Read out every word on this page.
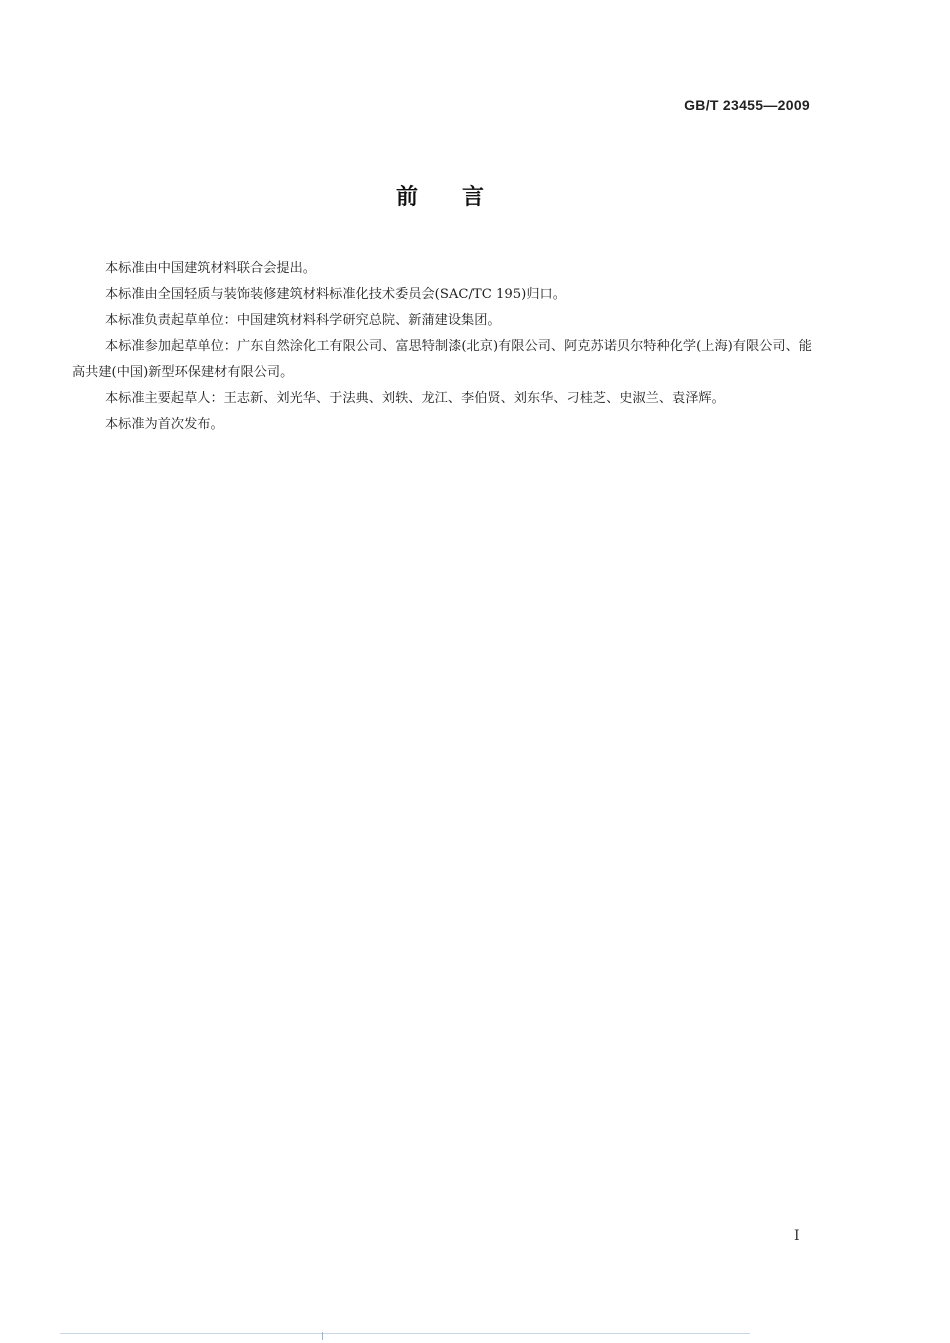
GB/T 23455—2009
前 言

本标准由中国建筑材料联合会提出。

本标准由全国轻质与装饰装修建筑材料标准化技术委员会(SAC/TC 195)归口。

本标准负责起草单位：中国建筑材料科学研究总院、新蒲建设集团。

本标准参加起草单位：广东自然涂化工有限公司、富思特制漆(北京)有限公司、阿克苏诺贝尔特种化学(上海)有限公司、能高共建(中国)新型环保建材有限公司。

本标准主要起草人：王志新、刘光华、于法典、刘轶、龙江、李伯贤、刘东华、刁桂芝、史淑兰、袁泽辉。

本标准为首次发布。

I
